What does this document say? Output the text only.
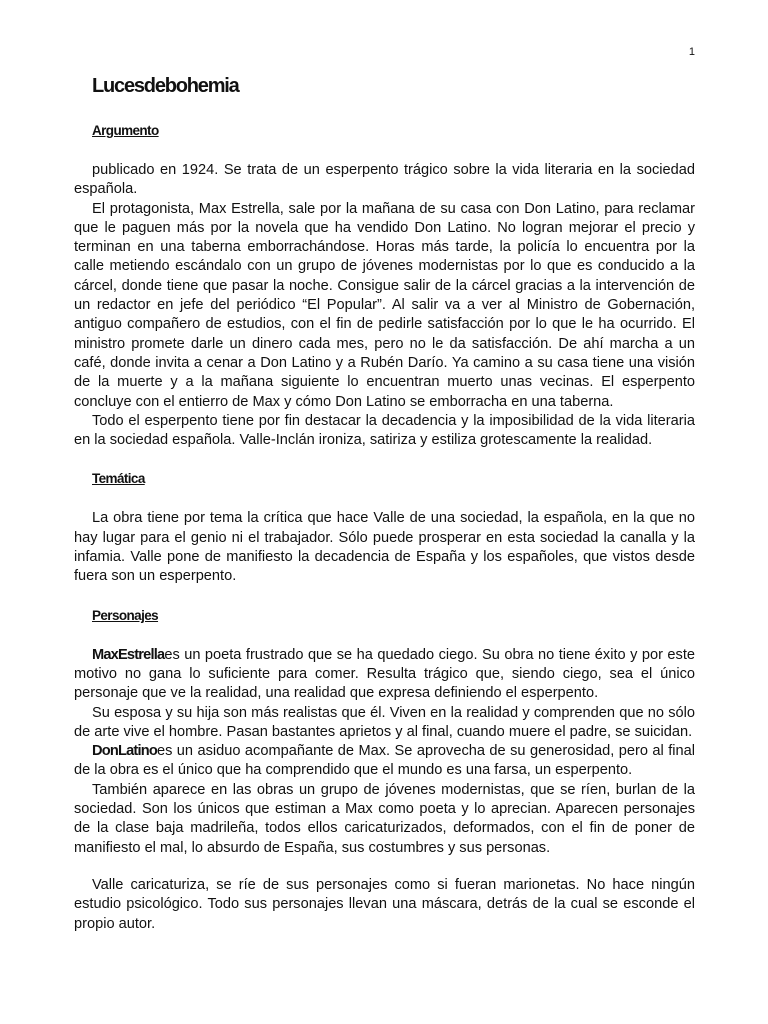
1
Lucesdebohemia
Argumento

publicado en 1924. Se trata de un esperpento trágico sobre la vida literaria en la sociedad española.

El protagonista, Max Estrella, sale por la mañana de su casa con Don Latino, para reclamar que le paguen más por la novela que ha vendido Don Latino. No logran mejorar el precio y terminan en una taberna emborrachándose. Horas más tarde, la policía lo encuentra por la calle metiendo escándalo con un grupo de jóvenes modernistas por lo que es conducido a la cárcel, donde tiene que pasar la noche. Consigue salir de la cárcel gracias a la intervención de un redactor en jefe del periódico “El Popular”. Al salir va a ver al Ministro de Gobernación, antiguo compañero de estudios, con el fin de pedirle satisfacción por lo que le ha ocurrido. El ministro promete darle un dinero cada mes, pero no le da satisfacción. De ahí marcha a un café, donde invita a cenar a Don Latino y a Rubén Darío. Ya camino a su casa tiene una visión de la muerte y a la mañana siguiente lo encuentran muerto unas vecinas. El esperpento concluye con el entierro de Max y cómo Don Latino se emborracha en una taberna.

Todo el esperpento tiene por fin destacar la decadencia y la imposibilidad de la vida literaria en la sociedad española. Valle-Inclán ironiza, satiriza y estiliza grotescamente la realidad.

Temática

La obra tiene por tema la crítica que hace Valle de una sociedad, la española, en la que no hay lugar para el genio ni el trabajador. Sólo puede prosperar en esta sociedad la canalla y la infamia. Valle pone de manifiesto la decadencia de España y los españoles, que vistos desde fuera son un esperpento.

Personajes

MaxEstrellaes un poeta frustrado que se ha quedado ciego. Su obra no tiene éxito y por este motivo no gana lo suficiente para comer. Resulta trágico que, siendo ciego, sea el único personaje que ve la realidad, una realidad que expresa definiendo el esperpento.

Su esposa y su hija son más realistas que él. Viven en la realidad y comprenden que no sólo de arte vive el hombre. Pasan bastantes aprietos y al final, cuando muere el padre, se suicidan.

DonLatinoes un asiduo acompañante de Max. Se aprovecha de su generosidad, pero al final de la obra es el único que ha comprendido que el mundo es una farsa, un esperpento.

También aparece en las obras un grupo de jóvenes modernistas, que se ríen, burlan de la sociedad. Son los únicos que estiman a Max como poeta y lo aprecian. Aparecen personajes de la clase baja madrileña, todos ellos caricaturizados, deformados, con el fin de poner de manifiesto el mal, lo absurdo de España, sus costumbres y sus personas.

Valle caricaturiza, se ríe de sus personajes como si fueran marionetas. No hace ningún estudio psicológico. Todo sus personajes llevan una máscara, detrás de la cual se esconde el propio autor.
